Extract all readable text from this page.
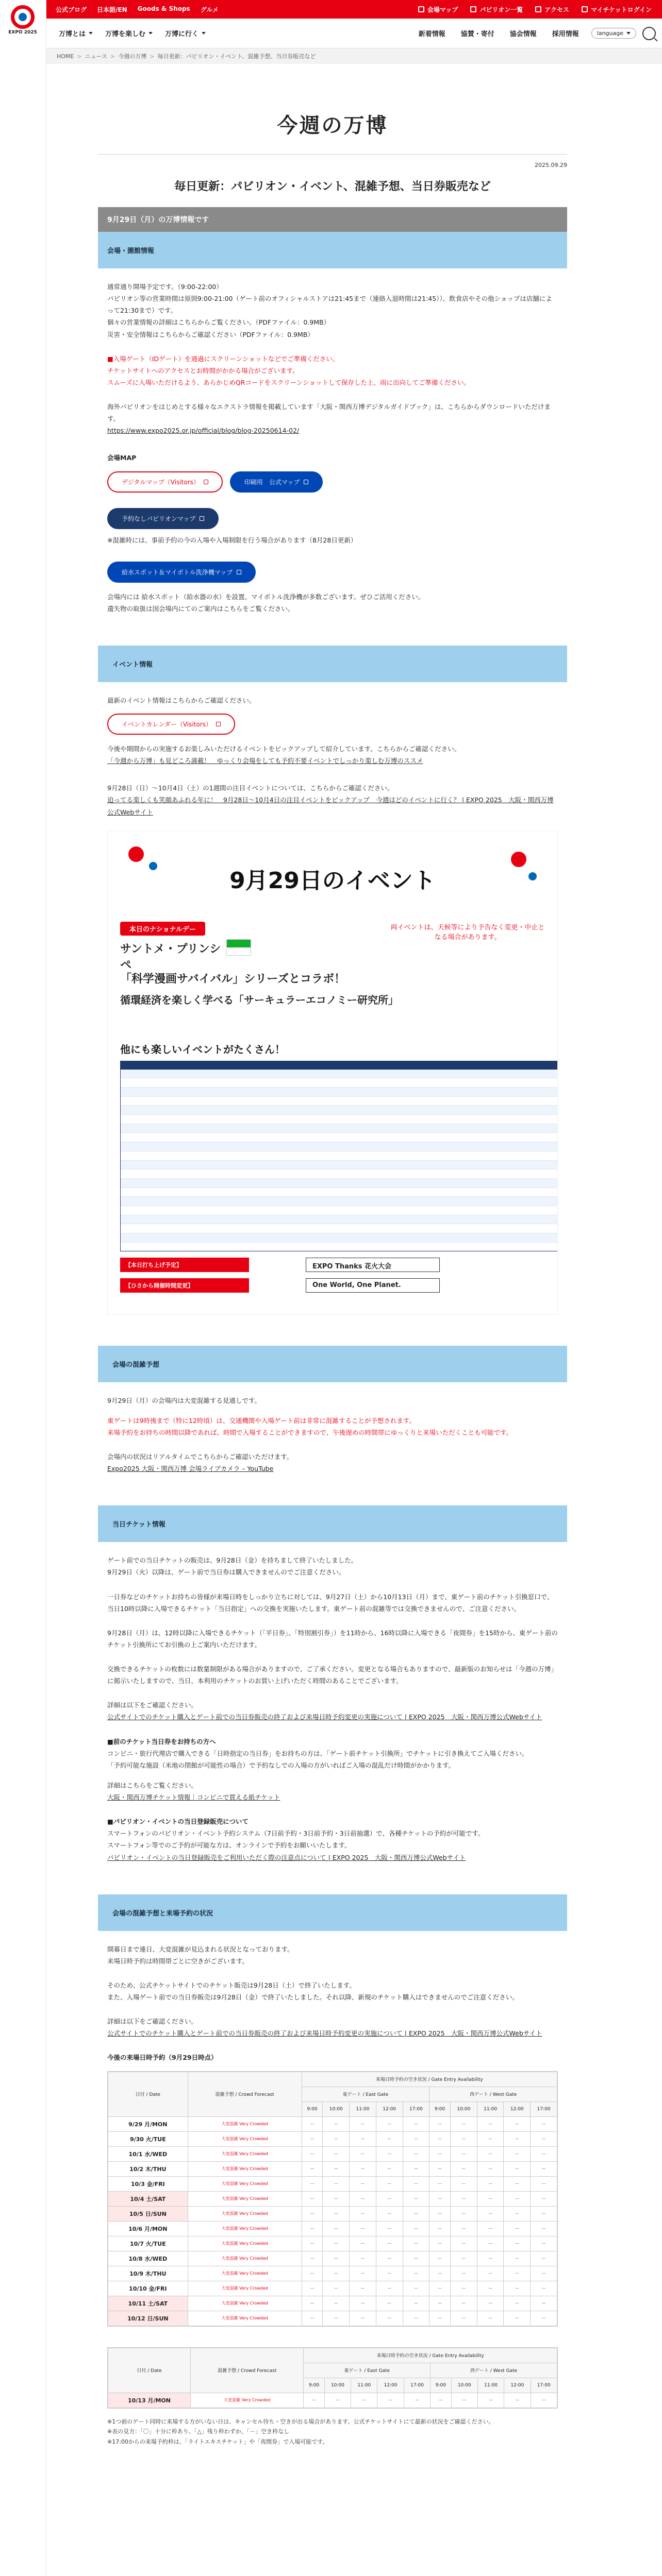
EXPO 2025
公式ブログ	日本語/EN	Goods & Shops	グルメ	会場マップ	パビリオン一覧	アクセス	マイチケットログイン
万博とは	万博を楽しむ	万博に行く	新着情報 協賛・寄付 協会情報 採用情報	language
HOME > ニュース > 今週の万博 > 毎日更新：パビリオン・イベント、混雑予想、当日券販売など
今週の万博
2025.09.29
毎日更新：パビリオン・イベント、混雑予想、当日券販売など
9月29日（月）の万博情報です
会場・園館情報

通常通り開場予定です。（9:00-22:00）

パビリオン等の営業時間は原則9:00-21:00（ゲート前のオフィシャルストアは21:45まで（連絡入退時間は21:45））、飲食店やその他ショップは店舗によって21:30まで）です。

個々の営業情報の詳細はこちらからご覧ください。（PDFファイル：0.9MB）

災害・安全情報はこちらからご確認ください（PDFファイル：0.9MB）

■入場ゲート（IDゲート）を通過にスクリーンショットなどでご準備ください。

チケットサイトへのアクセスとお時間がかかる場合がございます。

スムーズに入場いただけるよう、あらかじめQRコードをスクリーンショットして保存した上、雨に出向してご準備ください。

海外パビリオンをはじめとする様々なエクストラ情報を掲載しています「大阪・関西万博デジタルガイドブック」は、こちらからダウンロードいただけます。

https://www.expo2025.or.jp/official/blog/blog-20250614-02/

会場MAP

デジタルマップ（Visitors）	印刷用　公式マップ
予約なしパビリオンマップ

※混雑時には、事前予約の今の入場や入場制限を行う場合があります（8月28日更新）

給水スポット＆マイボトル洗浄機マップ

会場内には 給水スポット（給水器の水）を設置。マイボトル洗浄機が多数ございます。ぜひご活用ください。

遺失物の取扱は国会場内にてのご案内はこちらをご覧ください。

イベント情報

最新のイベント情報はこちらからご確認ください。

イベントカレンダー（Visitors）

今後や期間からの実施するお楽しみいただけるイベントをピックアップして紹介しています。こちらからご確認ください。

「今週から万博」も見どころ満載！　ゆっくり会場をしても予約不要イベントでしっかり楽しむ万博のススメ

9月28日（日）～10月4日（土）の1週間の注目イベントについては、こちらからご確認ください。

迫ってる楽しくも笑顔あふれる年に！　9月28日～10月4日の注目イベントをピックアップ　今週はどのイベントに行く？ | EXPO 2025　大阪・関西万博公式Webサイト

9月29日のイベント
本日のナショナルデー
サントメ・プリンシペ
両イベントは、天候等により予告なく変更・中止となる場合があります。
「科学漫画サバイバル」シリーズとコラボ！
循環経済を楽しく学べる「サーキュラーエコノミー研究所」
他にも楽しいイベントがたくさん！
【本日打ち上げ予定】	EXPO Thanks 花火大会
【ひさから開催時間変更】	One World, One Planet.
会場の混雑予想

9月29日（月）の会場内は大変混雑する見通しです。

東ゲートは9時後まで（特に12時頃）は、交通機関や入場ゲート前は非常に混雑することが予想されます。

来場予約をお持ちの時間以降であれば、時間で入場することができますので、午後遅めの時間帯にゆっくりと来場いただくことも可能です。

会場内の状況はリアルタイムでこちらからご確認いただけます。

Expo2025 大阪・関西万博 会場ライブカメラ – YouTube

当日チケット情報

ゲート前での当日チケットの販売は、9月28日（金）を持ちまして終了いたしました。

9月29日（火）以降は、ゲート前で当日券は購入できませんのでご注意ください。

一日券などのチケットお持ちの皆様が来場日時をしっかり立ちに対しては、9月27日（土）から10月13日（月）まで、東ゲート前のチケット引換窓口で、当日10時以降に入場できるチケット「当日指定」への交換を実施いたします。東ゲート前の混雑等では交換できませんので、ご注意ください。

9月28日（月）は、12時以降に入場できるチケット（「平日券」、「特別割引券」）を11時から、16時以降に入場できる「夜間券」を15時から、東ゲート前のチケット引換所にてお引換の上ご案内いただけます。

交換できるチケットの枚数には数量制限がある場合がありますので、ご了承ください。変更となる場合もありますので、最新版のお知らせは「今週の万博」に掲示いたしますので、当日、本利用のチケットのお買い上げいただく時間のあることでございます。

詳細は以下をご確認ください。

公式サイトでのチケット購入とゲート前での当日券販売の終了および来場日時予約変更の実施について | EXPO 2025　大阪・関西万博公式Webサイト

■前のチケット当日券をお持ちの方へ

コンビニ・旅行代理店で購入できる「日時指定の当日券」をお持ちの方は、「ゲート前チケット引換所」でチケットに引き換えてご入場ください。

「予約可能な施設（米地の閉館が可能性の場合）で予約なしでの入場の方がいればご入場の混乱だけ時間がかかります。

詳細はこちらをご覧ください。

大阪・関西万博チケット情報｜コンビニで買える紙チケット

■パビリオン・イベントの当日登録販売について

スマートフォンのパビリオン・イベント予約システム（7日前予約・3日前予約・3日前抽選）で、各種チケットの予約が可能です。

スマートフォン等でのご予約が可能な方は、オンラインで予約をお願いいたします。

パビリオン・イベントの当日登録販売をご利用いただく際の注意点について | EXPO 2025　大阪・関西万博公式Webサイト

会場の混雑予想と来場予約の状況

開幕日まで連日、大変混雑が見込まれる状況となっております。

来場日時予約は時間帯ごとに空きがございます。

そのため、公式チケットサイトでのチケット販売は9月28日（土）で終了いたします。

また、入場ゲート前での当日券販売は9月28日（金）で終了いたしました。それ以降、新規のチケット購入はできませんのでご注意ください。

詳細は以下をご確認ください。

公式サイトでのチケット購入とゲート前での当日券販売の終了および来場日時予約変更の実施について | EXPO 2025　大阪・関西万博公式Webサイト

今後の来場日時予約（9月29日時点）

日付 / Date	混雑予想 / Crowd Forecast	来場日時予約の空き状況 / Gate Entry Availability									
		東ゲート / East Gate					西ゲート / West Gate				
		9:00	10:00	11:00	12:00	17:00	9:00	10:00	11:00	12:00	17:00
9/29 月/MON	大変混雑 Very Crowded	－	－	－	－	－	－	－	－	－	－
9/30 火/TUE	大変混雑 Very Crowded	－	－	－	－	－	－	－	－	－	－
10/1 水/WED	大変混雑 Very Crowded	－	－	－	－	－	－	－	－	－	－
10/2 木/THU	大変混雑 Very Crowded	－	－	－	－	－	－	－	－	－	－
10/3 金/FRI	大変混雑 Very Crowded	－	－	－	－	－	－	－	－	－	－
10/4 土/SAT	大変混雑 Very Crowded	－	－	－	－	－	－	－	－	－	－
10/5 日/SUN	大変混雑 Very Crowded	－	－	－	－	－	－	－	－	－	－
10/6 月/MON	大変混雑 Very Crowded	－	－	－	－	－	－	－	－	－	－
10/7 火/TUE	大変混雑 Very Crowded	－	－	－	－	－	－	－	－	－	－
10/8 水/WED	大変混雑 Very Crowded	－	－	－	－	－	－	－	－	－	－
10/9 木/THU	大変混雑 Very Crowded	－	－	－	－	－	－	－	－	－	－
10/10 金/FRI	大変混雑 Very Crowded	－	－	－	－	－	－	－	－	－	－
10/11 土/SAT	大変混雑 Very Crowded	－	－	－	－	－	－	－	－	－	－
10/12 日/SUN	大変混雑 Very Crowded	－	－	－	－	－	－	－	－	－	－
日付 / Date	混雑予想 / Crowd Forecast	来場日時予約の空き状況 / Gate Entry Availability									
		東ゲート / East Gate					西ゲート / West Gate				
		9:00	10:00	11:00	12:00	17:00	9:00	10:00	11:00	12:00	17:00
10/13 月/MON	大変混雑 Very Crowded	－	－	－	－	－	－	－	－	－	－

※1つ前のゲート同時に来場する方がいない日は、キャンセル待ち・空きが出る場合があります。公式チケットサイトにて最新の状況をご確認ください。

※表の見方：「〇」十分に枠あり、「△」残り枠わずか、「－」空き枠なし

※17:00からの来場予約枠は、「ライトエキスチケット」や「夜間券」で入場可能です。
